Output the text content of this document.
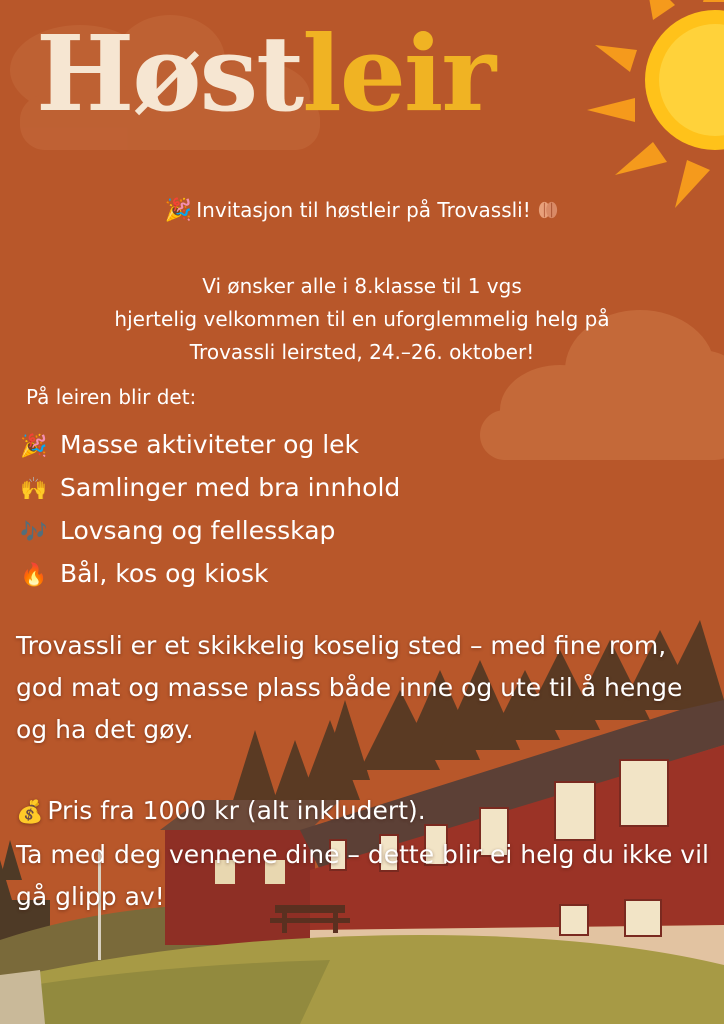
Høstleir

🎉 Invitasjon til høstleir på Trovassli!

Vi ønsker alle i 8.klasse til 1 vgs
hjertelig velkommen til en uforglemmelig helg på
Trovassli leirsted, 24.–26. oktober!

På leiren blir det:

🎉 Masse aktiviteter og lek
🙌 Samlinger med bra innhold
🎶 Lovsang og fellesskap
🔥 Bål, kos og kiosk

Trovassli er et skikkelig koselig sted – med fine rom, god mat og masse plass både inne og ute til å henge og ha det gøy.

💰 Pris fra 1000 kr (alt inkludert).
Ta med deg vennene dine – dette blir ei helg du ikke vil gå glipp av!
